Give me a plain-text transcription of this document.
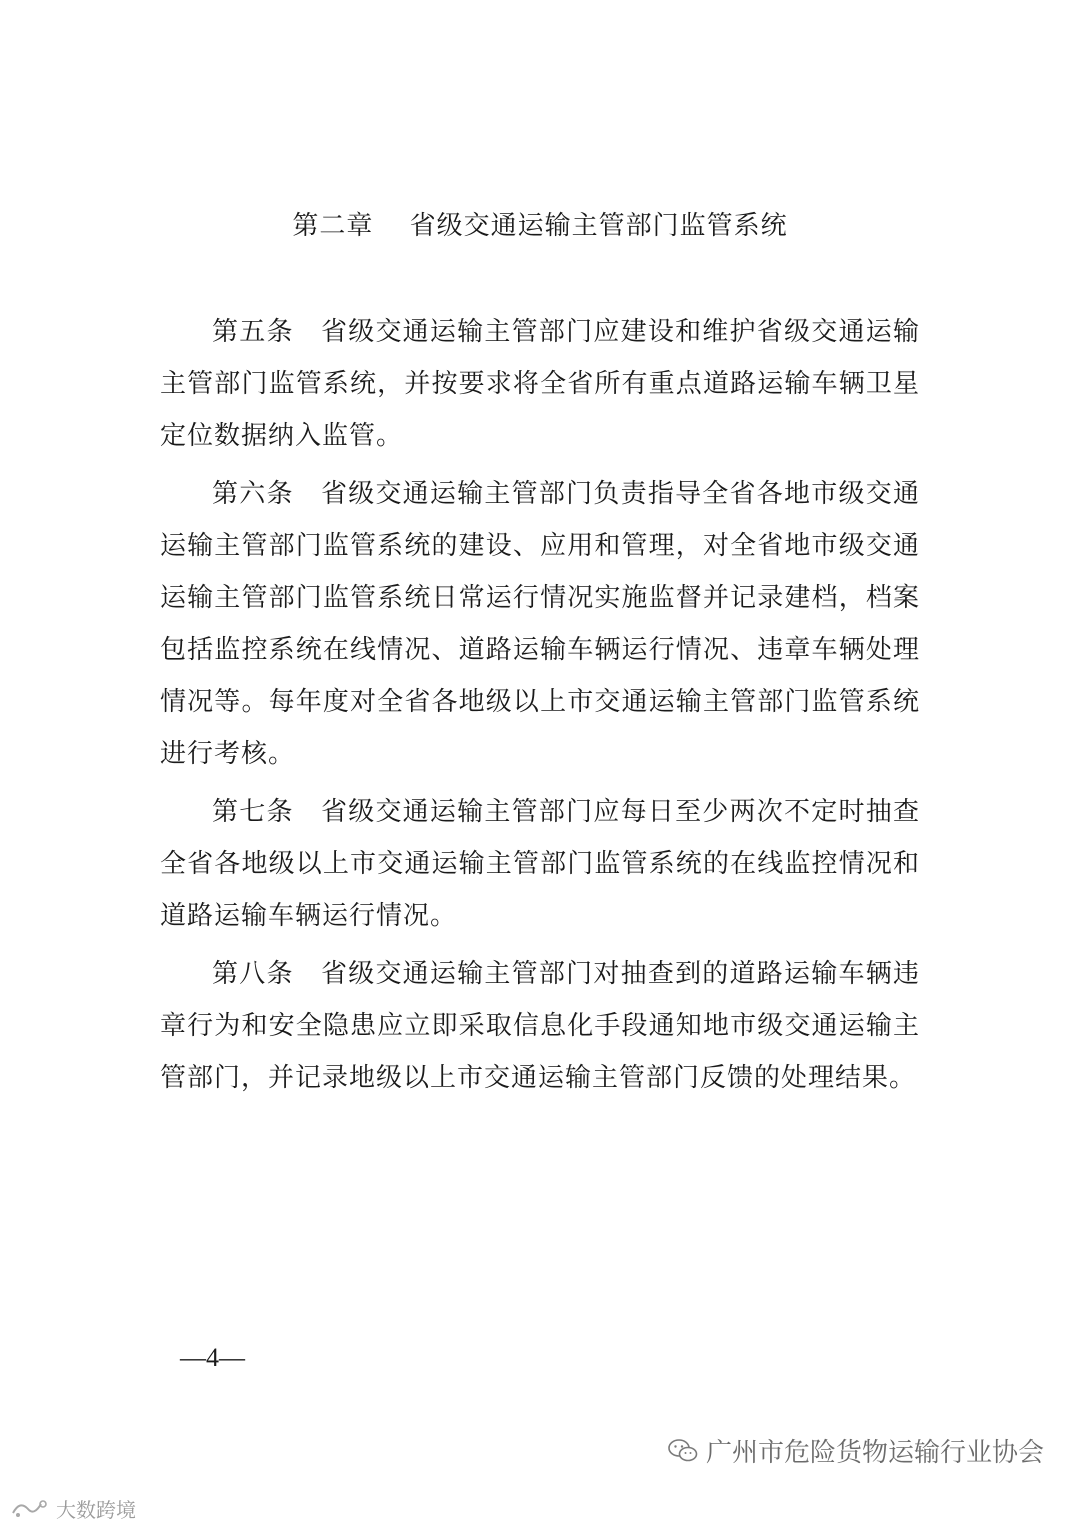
第二章　 省级交通运输主管部门监管系统

第五条　 省级交通运输主管部门应建设和维护省级交通运输主管部门监管系统，并按要求将全省所有重点道路运输车辆卫星定位数据纳入监管。

第六条　 省级交通运输主管部门负责指导全省各地市级交通运输主管部门监管系统的建设、应用和管理，对全省地市级交通运输主管部门监管系统日常运行情况实施监督并记录建档，档案包括监控系统在线情况、道路运输车辆运行情况、违章车辆处理情况等。每年度对全省各地级以上市交通运输主管部门监管系统进行考核。

第七条　 省级交通运输主管部门应每日至少两次不定时抽查全省各地级以上市交通运输主管部门监管系统的在线监控情况和道路运输车辆运行情况。

第八条　 省级交通运输主管部门对抽查到的道路运输车辆违章行为和安全隐患应立即采取信息化手段通知地市级交通运输主管部门，并记录地级以上市交通运输主管部门反馈的处理结果。

—4—
广州市危险货物运输行业协会
大数跨境
